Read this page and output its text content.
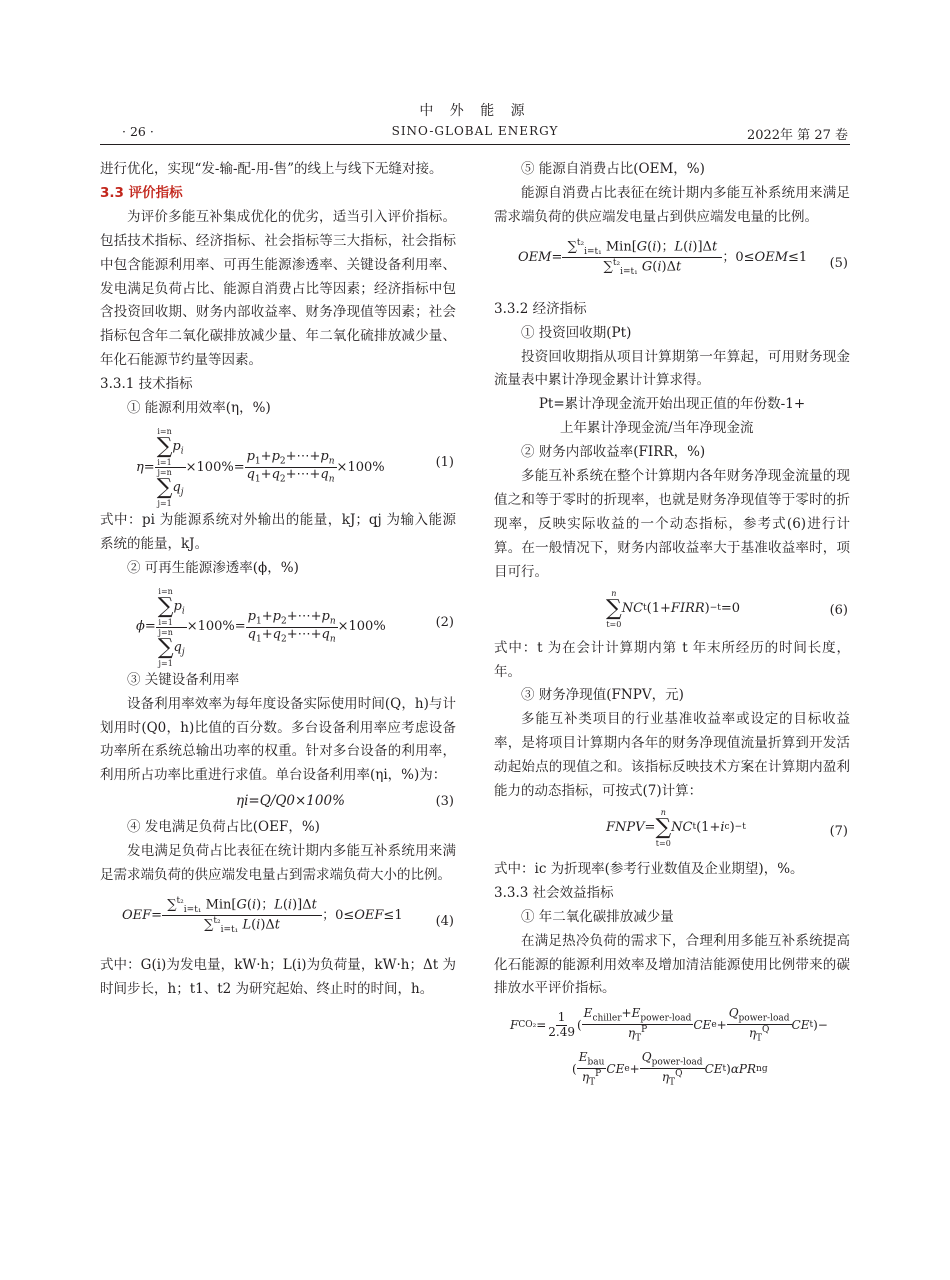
中 外 能 源
· 26 ·	SINO-GLOBAL ENERGY	2022年 第 27 卷

进行优化，实现“发-输-配-用-售”的线上与线下无缝对接。

3.3 评价指标

为评价多能互补集成优化的优劣，适当引入评价指标。包括技术指标、经济指标、社会指标等三大指标，社会指标中包含能源利用率、可再生能源渗透率、关键设备利用率、发电满足负荷占比、能源自消费占比等因素；经济指标中包含投资回收期、财务内部收益率、财务净现值等因素；社会指标包含年二氧化碳排放减少量、年二氧化硫排放减少量、年化石能源节约量等因素。

3.3.1 技术指标

① 能源利用效率(η，%)

η =
i=n
∑
i=1
$p_i$
j=n
∑
j=1
$q_j$
×100%=
$p_1+p_2+\cdots+p_n$
$q_1+q_2+\cdots+q_n$
×100%	(1)

式中：pi 为能源系统对外输出的能量，kJ；qj 为输入能源系统的能量，kJ。

② 可再生能源渗透率(ϕ，%)

ϕ =
i=n
∑
i=1
$p_i$
j=n
∑
j=1
$q_j$
×100%=
$p_1+p_2+\cdots+p_n$
$q_1+q_2+\cdots+q_n$
×100%	(2)

③ 关键设备利用率

设备利用率效率为每年度设备实际使用时间(Q，h)与计划用时(Q0，h)比值的百分数。多台设备利用率应考虑设备功率所在系统总输出功率的权重。针对多台设备的利用率，利用所占功率比重进行求值。单台设备利用率(ηi，%)为：

ηi=Q/Q0×100%	(3)

④ 发电满足负荷占比(OEF，%)

发电满足负荷占比表征在统计期内多能互补系统用来满足需求端负荷的供应端发电量占到需求端负荷大小的比例。

OEF =
∑$^{t_2}_{i=t_1}$ Min[G(i)；L(i)]Δt
∑$^{t_2}_{i=t_1}$ L(i)Δt
；0≤ OEF ≤1	(4)

式中：G(i)为发电量，kW·h；L(i)为负荷量，kW·h；Δt 为时间步长，h；t1、t2 为研究起始、终止时的时间，h。

⑤ 能源自消费占比(OEM，%)

能源自消费占比表征在统计期内多能互补系统用来满足需求端负荷的供应端发电量占到供应端发电量的比例。

OEM =
∑$^{t_2}_{i=t_1}$ Min[G(i)；L(i)]Δt
∑$^{t_2}_{i=t_1}$ G(i)Δt
；0≤ OEM ≤1 (5)

3.3.2 经济指标

① 投资回收期(Pt)

投资回收期指从项目计算期第一年算起，可用财务现金流量表中累计净现金累计计算求得。

Pt=累计净现金流开始出现正值的年份数-1+

上年累计净现金流/当年净现金流

② 财务内部收益率(FIRR，%)

多能互补系统在整个计算期内各年财务净现金流量的现值之和等于零时的折现率，也就是财务净现值等于零时的折现率，反映实际收益的一个动态指标，参考式(6)进行计算。在一般情况下，财务内部收益率大于基准收益率时，项目可行。

n
∑
t=0
NC t (1+ FIRR ) −t =0	(6)

式中：t 为在会计计算期内第 t 年末所经历的时间长度，年。

③ 财务净现值(FNPV，元)

多能互补类项目的行业基准收益率或设定的目标收益率，是将项目计算期内各年的财务净现值流量折算到开发活动起始点的现值之和。该指标反映技术方案在计算期内盈利能力的动态指标，可按式(7)计算：

FNPV =
n
∑
t=0
NC t (1+ i c ) −t	(7)

式中：ic 为折现率(参考行业数值及企业期望)，%。

3.3.3 社会效益指标

① 年二氧化碳排放减少量

在满足热冷负荷的需求下，合理利用多能互补系统提高化石能源的能源利用效率及增加清洁能源使用比例带来的碳排放水平评价指标。

F CO₂ =
1
2.49
(
$E_{chiller}+E_{power-load}$
$\eta_T^P$	CE e +
$Q_{power-load}$
$\eta_T^Q$ CE t )−
(
$E_{bau}$
$\eta_T^P$ CE e +
$Q_{power-load}$
$\eta_T^Q$ CE t ) αPR ng
